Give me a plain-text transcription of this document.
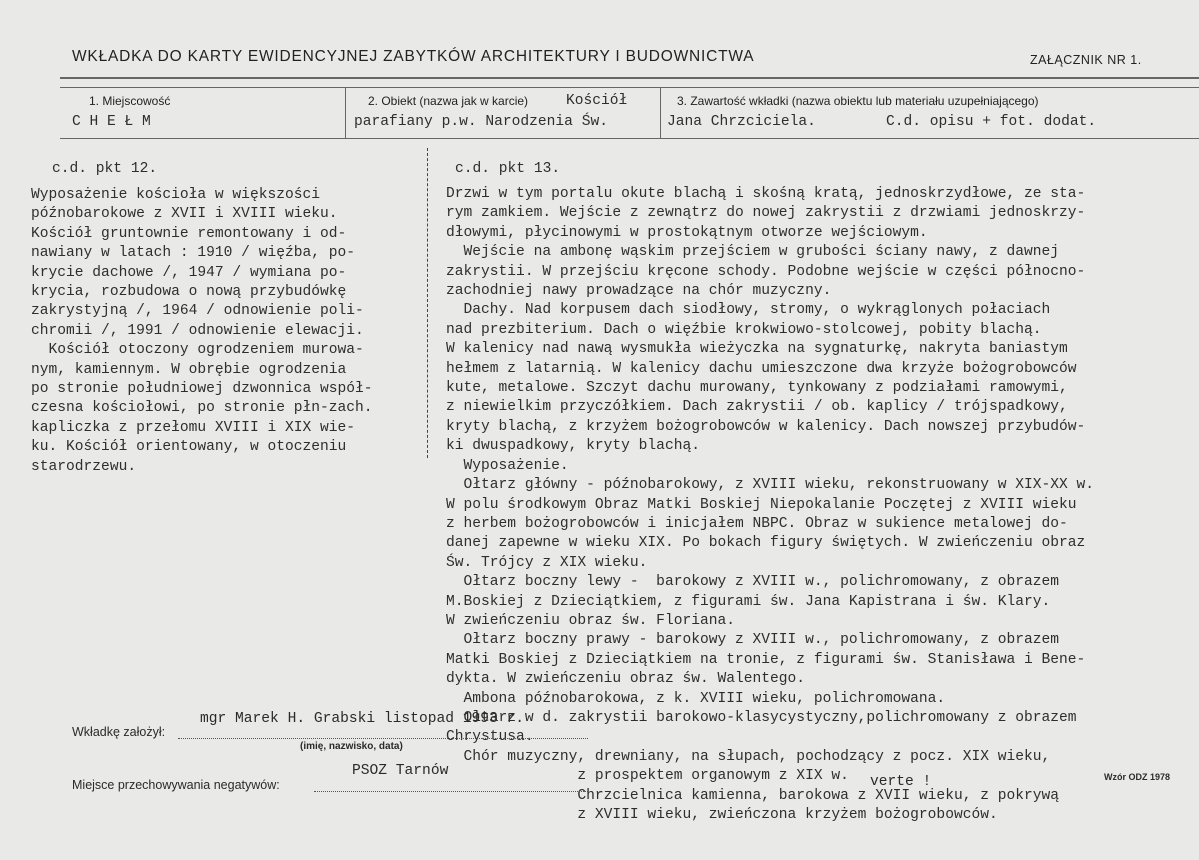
WKŁADKA DO KARTY EWIDENCYJNEJ ZABYTKÓW ARCHITEKTURY I BUDOWNICTWA	ZAŁĄCZNIK NR 1.
1. Miejscowość
C H E Ł M
2. Obiekt (nazwa jak w karcie)	Kościół
parafiany p.w. Narodzenia Św.
3. Zawartość wkładki (nazwa obiektu lub materiału uzupełniającego)
Jana Chrzciciela.        C.d. opisu + fot. dodat.
c.d. pkt 12.
Wyposażenie kościoła w większości
późnobarokowe z XVII i XVIII wieku.
Kościół gruntownie remontowany i od-
nawiany w latach : 1910 / więźba, po-
krycie dachowe /, 1947 / wymiana po-
krycia, rozbudowa o nową przybudówkę
zakrystyjną /, 1964 / odnowienie poli-
chromii /, 1991 / odnowienie elewacji.
Kościół otoczony ogrodzeniem murowa-
nym, kamiennym. W obrębie ogrodzenia
po stronie południowej dzwonnica współ-
czesna kościołowi, po stronie płn-zach.
kapliczka z przełomu XVIII i XIX wie-
ku. Kościół orientowany, w otoczeniu
starodrzewu.
c.d. pkt 13.
Drzwi w tym portalu okute blachą i skośną kratą, jednoskrzydłowe, ze sta-
rym zamkiem. Wejście z zewnątrz do nowej zakrystii z drzwiami jednoskrzy-
dłowymi, płycinowymi w prostokątnym otworze wejściowym.
Wejście na ambonę wąskim przejściem w grubości ściany nawy, z dawnej
zakrystii. W przejściu kręcone schody. Podobne wejście w części północno-
zachodniej nawy prowadzące na chór muzyczny.
Dachy. Nad korpusem dach siodłowy, stromy, o wykrąglonych połaciach
nad prezbiterium. Dach o więźbie krokwiowo-stolcowej, pobity blachą.
W kalenicy nad nawą wysmukła wieżyczka na sygnaturkę, nakryta baniastym
hełmem z latarnią. W kalenicy dachu umieszczone dwa krzyże bożogrobowców
kute, metalowe. Szczyt dachu murowany, tynkowany z podziałami ramowymi,
z niewielkim przyczółkiem. Dach zakrystii / ob. kaplicy / trójspadkowy,
kryty blachą, z krzyżem bożogrobowców w kalenicy. Dach nowszej przybudów-
ki dwuspadkowy, kryty blachą.
Wyposażenie.
Ołtarz główny - późnobarokowy, z XVIII wieku, rekonstruowany w XIX-XX w.
W polu środkowym Obraz Matki Boskiej Niepokalanie Poczętej z XVIII wieku
z herbem bożogrobowców i inicjałem NBPC. Obraz w sukience metalowej do-
danej zapewne w wieku XIX. Po bokach figury świętych. W zwieńczeniu obraz
Św. Trójcy z XIX wieku.
Ołtarz boczny lewy -  barokowy z XVIII w., polichromowany, z obrazem
M.Boskiej z Dzieciątkiem, z figurami św. Jana Kapistrana i św. Klary.
W zwieńczeniu obraz św. Floriana.
Ołtarz boczny prawy - barokowy z XVIII w., polichromowany, z obrazem
Matki Boskiej z Dzieciątkiem na tronie, z figurami św. Stanisława i Bene-
dykta. W zwieńczeniu obraz św. Walentego.
Ambona późnobarokowa, z k. XVIII wieku, polichromowana.
Ołtarz w d. zakrystii barokowo-klasycystyczny,polichromowany z obrazem
Chrystusa.
Chór muzyczny, drewniany, na słupach, pochodzący z pocz. XIX wieku,
z prospektem organowym z XIX w.
Chrzcielnica kamienna, barokowa z XVII wieku, z pokrywą
z XVIII wieku, zwieńczona krzyżem bożogrobowców.
Wkładkę założył:
mgr Marek H. Grabski listopad 1993 r.
(imię, nazwisko, data)
Miejsce przechowywania negatywów:
PSOZ Tarnów
verte !	Wzór ODZ 1978
